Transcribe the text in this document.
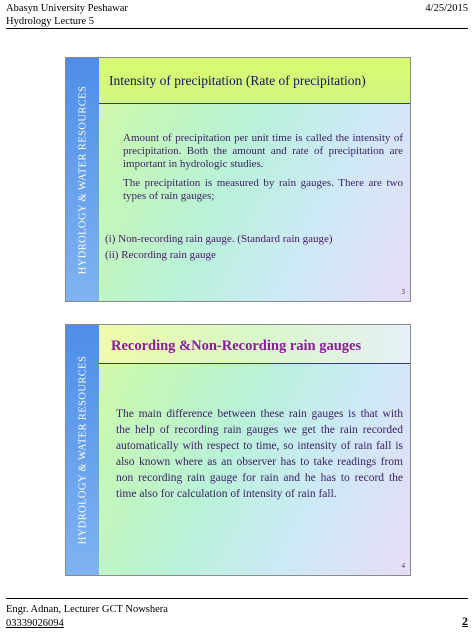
Abasyn University Peshawar
Hydrology Lecture 5
4/25/2015
HYDROLOGY & WATER RESOURCES
Intensity of precipitation (Rate of precipitation)

Amount of precipitation per unit time is called the intensity of precipitation. Both the amount and rate of precipitation are important in hydrologic studies.

The precipitation is measured by rain gauges. There are two types of rain gauges;

(i) Non-recording rain gauge. (Standard rain gauge)
(ii) Recording rain gauge
3
HYDROLOGY & WATER RESOURCES
Recording &Non-Recording rain gauges
The main difference between these rain gauges is that with the help of recording rain gauges we get the rain recorded automatically with respect to time, so intensity of rain fall is also known where as an observer has to take readings from non recording rain gauge for rain and he has to record the time also for calculation of intensity of rain fall.
4
Engr. Adnan, Lecturer GCT Nowshera
03339026094	2
